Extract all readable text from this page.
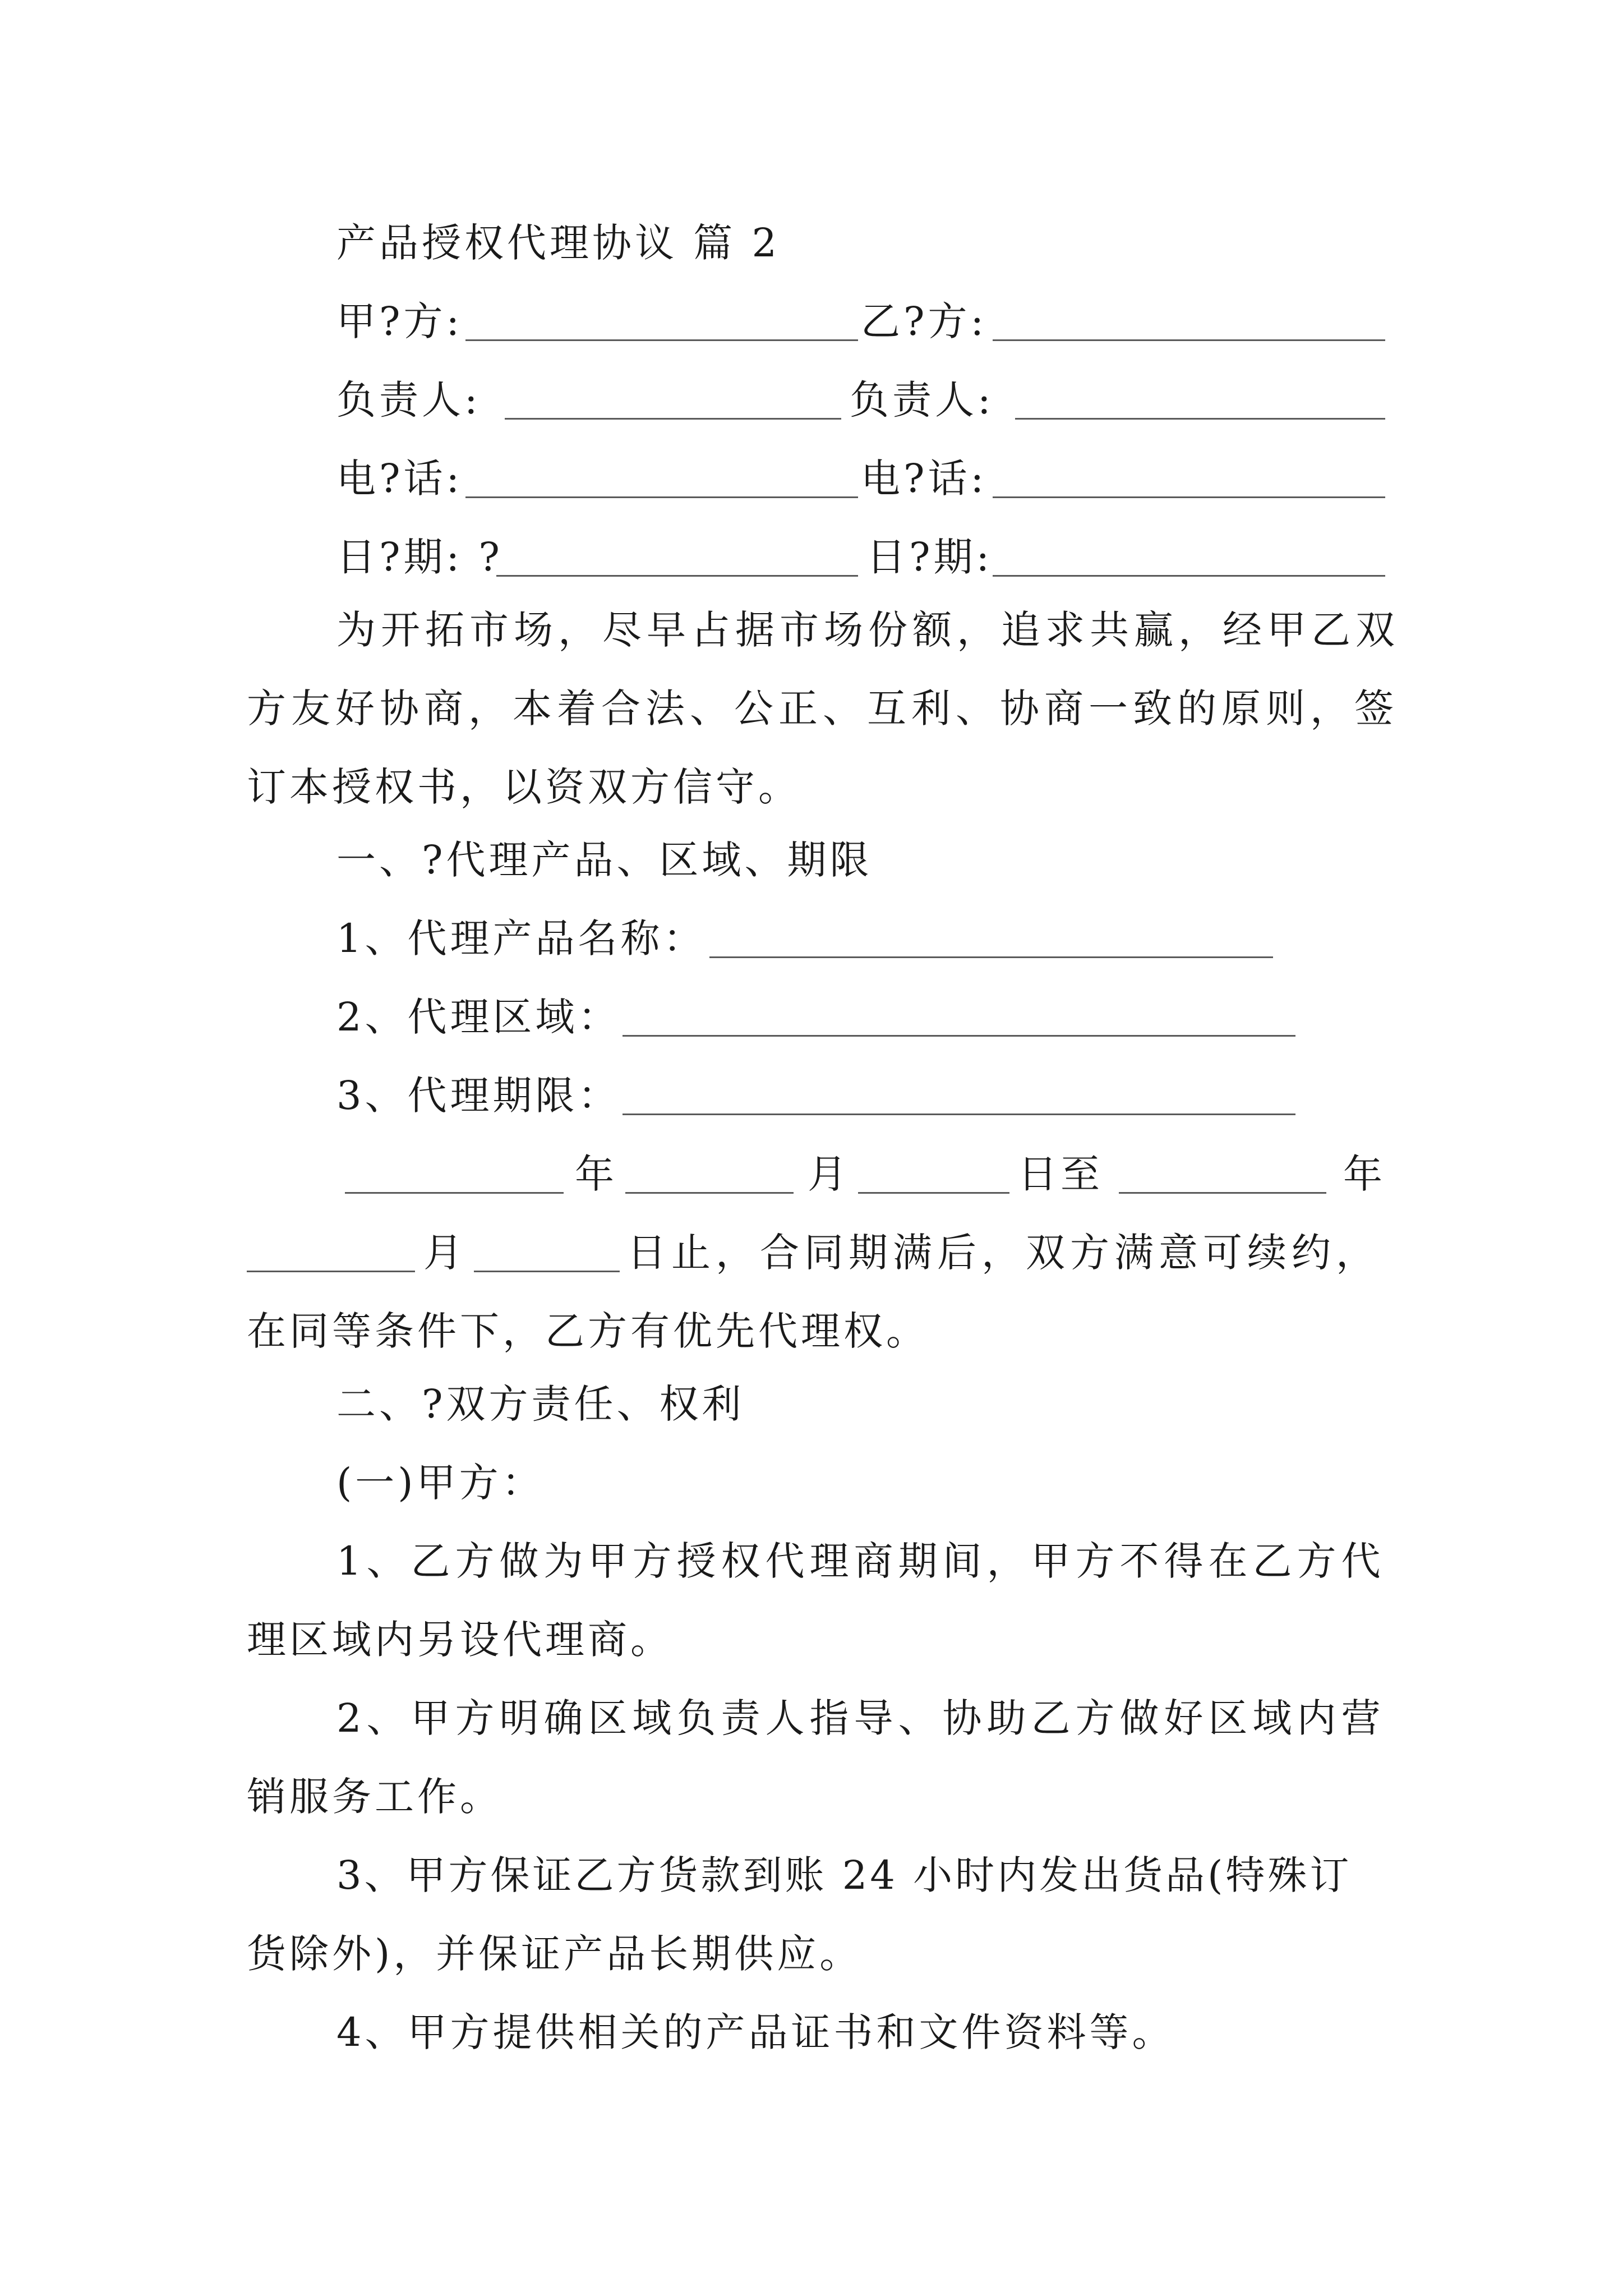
产品授权代理协议 篇 2
甲?方:	乙?方:
负责人:	负责人:
电?话:	电?话:
日?期: ?	日?期:
为开拓市场，尽早占据市场份额，追求共赢，经甲乙双
方友好协商，本着合法、公正、互利、协商一致的原则，签
订本授权书，以资双方信守。
一、?代理产品、区域、期限
1、代理产品名称：
2、代理区域：
3、代理期限：
年	月	日至	年
月	日止，合同期满后，双方满意可续约，
在同等条件下，乙方有优先代理权。
二、?双方责任、权利
(一)甲方：
1、乙方做为甲方授权代理商期间，甲方不得在乙方代
理区域内另设代理商。
2、甲方明确区域负责人指导、协助乙方做好区域内营
销服务工作。
3、甲方保证乙方货款到账 24 小时内发出货品(特殊订
货除外)，并保证产品长期供应。
4、甲方提供相关的产品证书和文件资料等。
